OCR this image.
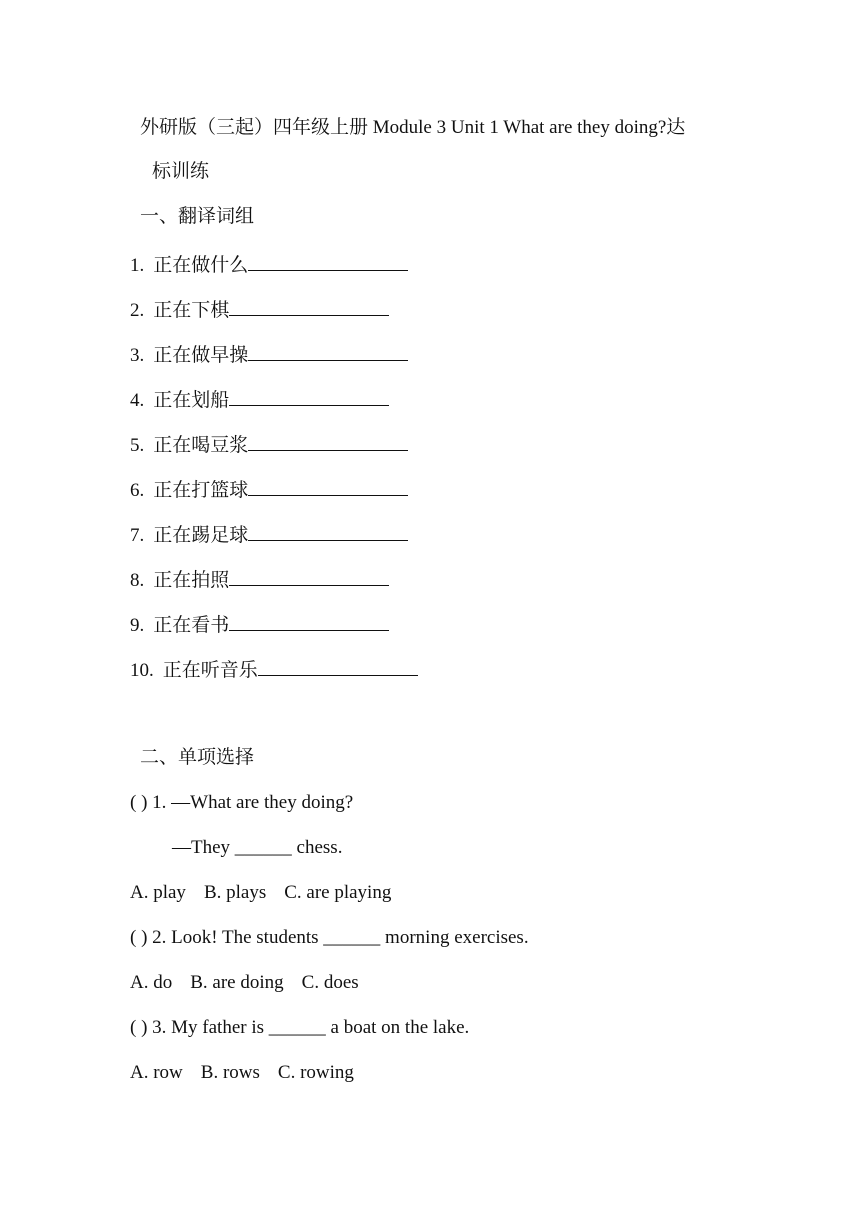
外研版（三起）四年级上册 Module 3 Unit 1 What are they doing?达
标训练
一、翻译词组
1. 正在做什么
2. 正在下棋
3. 正在做早操
4. 正在划船
5. 正在喝豆浆
6. 正在打篮球
7. 正在踢足球
8. 正在拍照
9. 正在看书
10. 正在听音乐
二、单项选择
( ) 1. —What are they doing?
—They ______ chess.
A. play B. plays C. are playing
( ) 2. Look! The students ______ morning exercises.
A. do B. are doing C. does
( ) 3. My father is ______ a boat on the lake.
A. row B. rows C. rowing
